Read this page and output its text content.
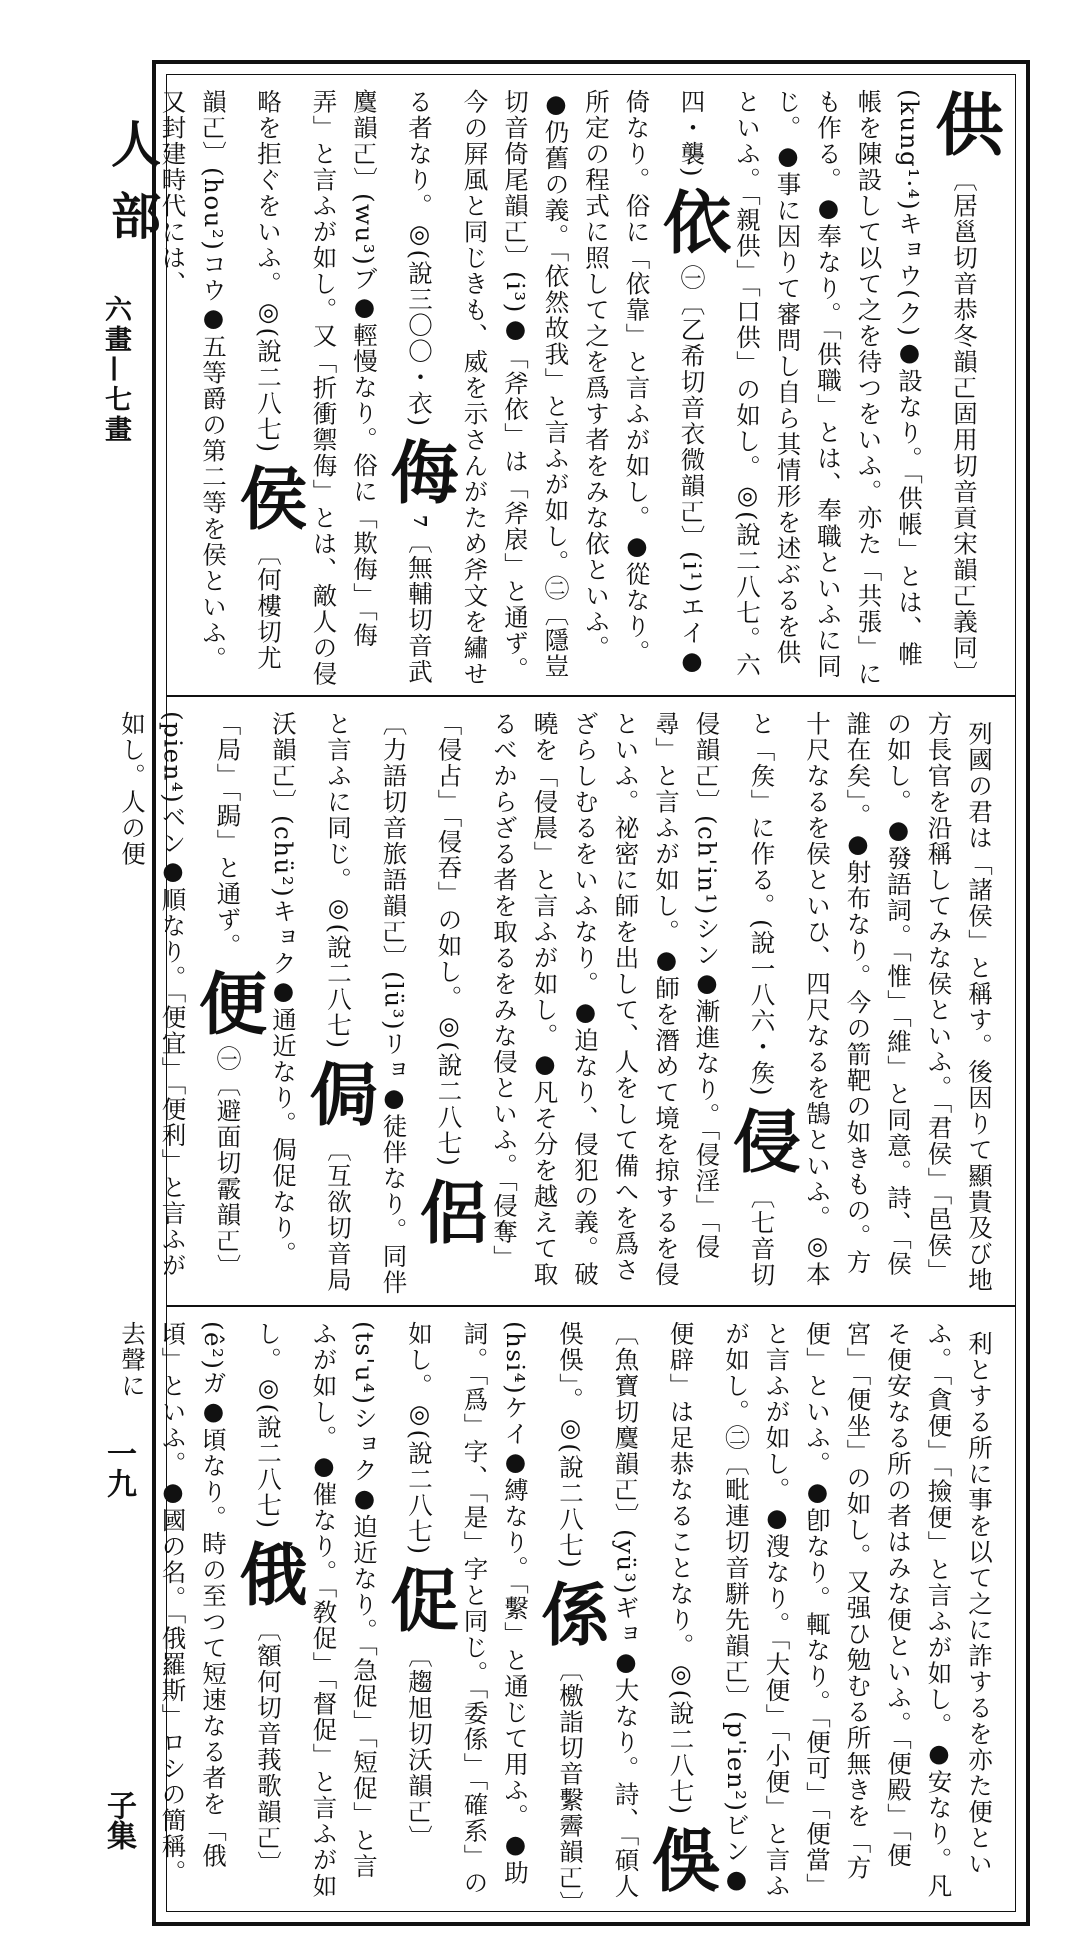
人部
六畫—七畫
一九
子集
供〔居邕切音恭冬韻𠀀固用切音貢宋韻𠀀義同〕(kung¹·⁴)キョウ(ク)●設なり。「供帳」とは、帷帳を陳設して以て之を待つをいふ。亦た「共張」にも作る。●奉なり。「供職」とは、奉職といふに同じ。●事に因りて審問し自ら其情形を述ぶるを供といふ。「親供」「口供」の如し。◎(說二八七。六四・襲) 依㊀〔乙希切音衣微韻𠀀〕(i¹)エイ●倚なり。俗に「依靠」と言ふが如し。●從なり。所定の程式に照して之を爲す者をみな依といふ。●仍舊の義。「依然故我」と言ふが如し。㊁〔隱豈切音倚尾韻𠀀〕(i³)●「斧依」は「斧扆」と通ず。今の屛風と同じきも、威を示さんがため斧文を繡せる者なり。◎(說三〇〇・衣) 侮7〔無輔切音武麌韻𠀀〕(wu³)ブ●輕慢なり。俗に「欺侮」「侮弄」と言ふが如し。又「折衝禦侮」とは、敵人の侵略を拒ぐをいふ。◎(說二八七) 侯〔何樓切尤韻𠀀〕(hou²)コウ●五等爵の第二等を侯といふ。又封建時代には、
列國の君は「諸侯」と稱す。後因りて顯貴及び地方長官を沿稱してみな侯といふ。「君侯」「邑侯」の如し。●發語詞。「惟」「維」と同意。詩、「侯誰在矣」。●射布なり。今の箭靶の如きもの。方十尺なるを侯といひ、四尺なるを鵠といふ。◎本と「矦」に作る。(說一八六・矦) 侵〔七音切侵韻𠀀〕(ch'in¹)シン●漸進なり。「侵淫」「侵尋」と言ふが如し。●師を潛めて境を掠するを侵といふ。祕密に師を出して、人をして備へを爲さざらしむるをいふなり。●迫なり、侵犯の義。破曉を「侵晨」と言ふが如し。●凡そ分を越えて取るべからざる者を取るをみな侵といふ。「侵奪」「侵占」「侵吞」の如し。◎(說二八七) 侶〔力語切音旅語韻𠀀〕(lü³)リョ●徒伴なり。同伴と言ふに同じ。◎(說二八七) 侷〔互欲切音局沃韻𠀀〕(chü²)キョク●通近なり。侷促なり。「局」「跼」と通ず。 便㊀〔避面切霰韻𠀀〕(pien⁴)ベン●順なり。「便宜」「便利」と言ふが如し。人の便
利とする所に事を以て之に詐するを亦た便といふ。「貪便」「撿便」と言ふが如し。●安なり。凡そ便安なる所の者はみな便といふ。「便殿」「便宮」「便坐」の如し。又强ひ勉むる所無きを「方便」といふ。●卽なり。輒なり。「便可」「便當」と言ふが如し。●溲なり。「大便」「小便」と言ふが如し。㊁〔毗連切音駢先韻𠀀〕(p'ien²)ビン●便辟」は足恭なることなり。◎(說二八七) 俁〔魚寶切麌韻𠀀〕(yü³)ギョ●大なり。詩、「碩人俁俁」。◎(說二八七) 係〔檄詣切音繫霽韻𠀀〕(hsi⁴)ケイ●縛なり。「繫」と通じて用ふ。●助詞。「爲」字、「是」字と同じ。「委係」「確系」の如し。◎(說二八七) 促〔趨旭切沃韻𠀀〕(ts'u⁴)ショク●迫近なり。「急促」「短促」と言ふが如し。●催なり。「敎促」「督促」と言ふが如し。◎(說二八七) 俄〔額何切音莪歌韻𠀀〕(ê²)ガ●頃なり。時の至つて短速なる者を「俄頃」といふ。●國の名。「俄羅斯」ロシの簡稱。去聲に
